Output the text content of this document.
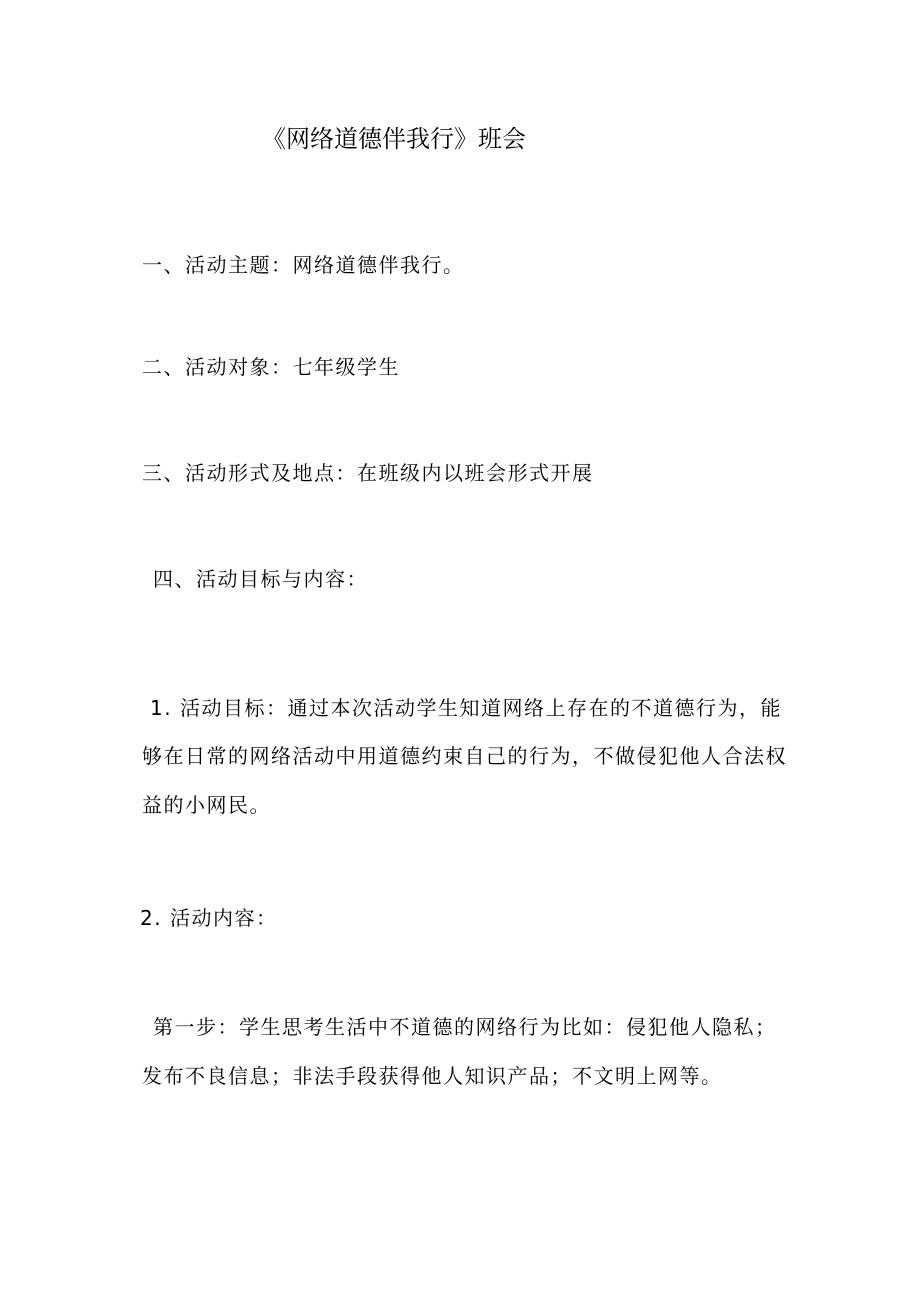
《网络道德伴我行》班会
一、活动主题：网络道德伴我行。
二、活动对象：七年级学生
三、活动形式及地点：在班级内以班会形式开展
四、活动目标与内容：
1. 活动目标：通过本次活动学生知道网络上存在的不道德行为，能
够在日常的网络活动中用道德约束自己的行为，不做侵犯他人合法权
益的小网民。
2. 活动内容：
第一步：学生思考生活中不道德的网络行为比如：侵犯他人隐私；
发布不良信息；非法手段获得他人知识产品；不文明上网等。
